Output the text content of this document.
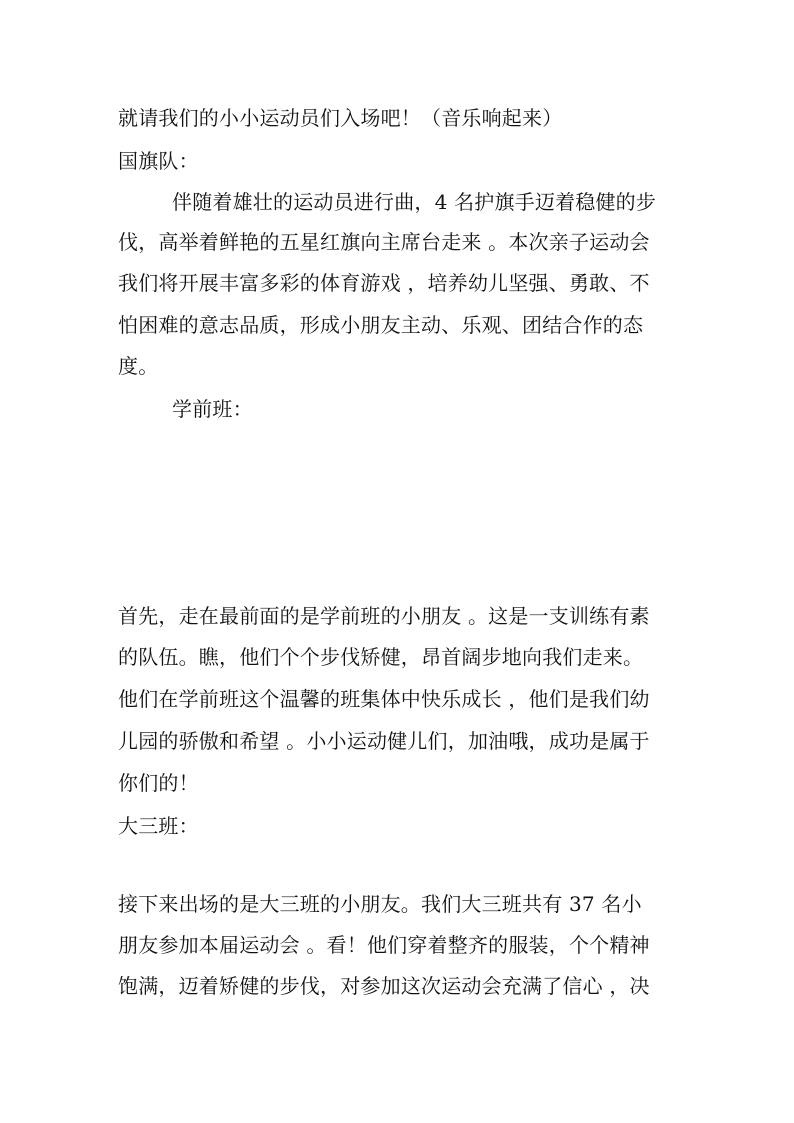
就请我们的小小运动员们入场吧！（音乐响起来）
国旗队：
伴随着雄壮的运动员进行曲，4 名护旗手迈着稳健的步
伐，高举着鲜艳的五星红旗向主席台走来 。本次亲子运动会
我们将开展丰富多彩的体育游戏 ，培养幼儿坚强、勇敢、不
怕困难的意志品质，形成小朋友主动、乐观、团结合作的态
度。
学前班：
首先，走在最前面的是学前班的小朋友 。这是一支训练有素
的队伍。瞧，他们个个步伐矫健，昂首阔步地向我们走来。
他们在学前班这个温馨的班集体中快乐成长 ，他们是我们幼
儿园的骄傲和希望 。小小运动健儿们，加油哦，成功是属于
你们的！
大三班：
接下来出场的是大三班的小朋友。我们大三班共有 37 名小
朋友参加本届运动会 。看！他们穿着整齐的服装，个个精神
饱满，迈着矫健的步伐，对参加这次运动会充满了信心 ，决
